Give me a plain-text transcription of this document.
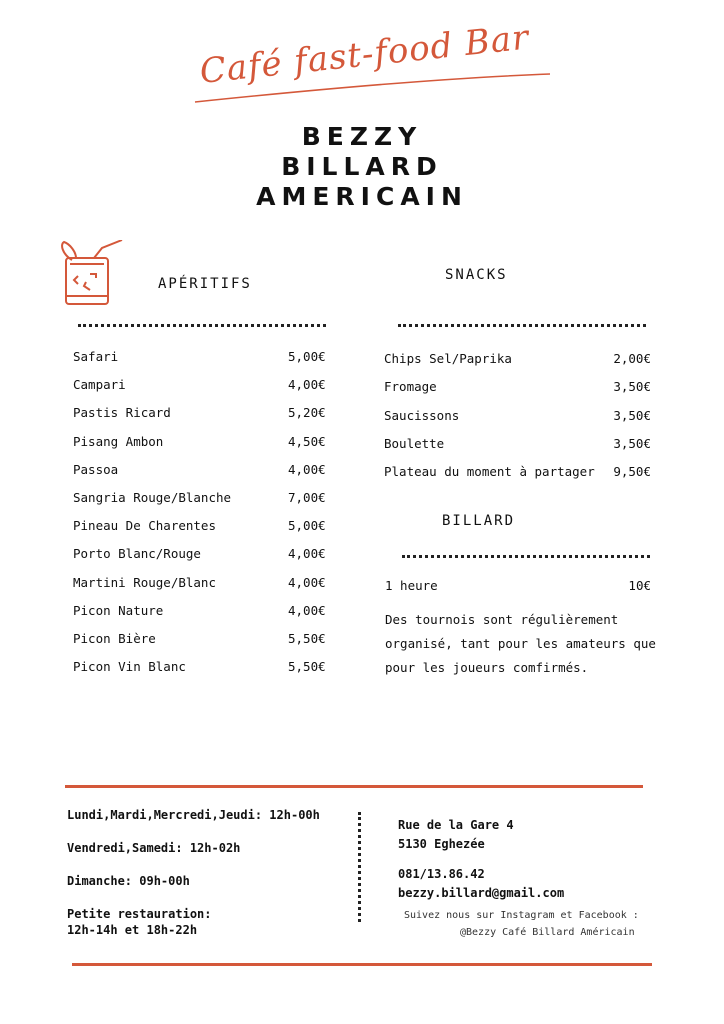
Café fast-food Bar
BEZZY
BILLARD
AMERICAIN
APÉRITIFS
Safari	5,00€
Campari	4,00€
Pastis Ricard	5,20€
Pisang Ambon	4,50€
Passoa	4,00€
Sangria Rouge/Blanche	7,00€
Pineau De Charentes	5,00€
Porto Blanc/Rouge	4,00€
Martini Rouge/Blanc	4,00€
Picon Nature	4,00€
Picon Bière	5,50€
Picon Vin Blanc	5,50€
SNACKS
Chips Sel/Paprika	2,00€
Fromage	3,50€
Saucissons	3,50€
Boulette	3,50€
Plateau du moment à partager	9,50€
BILLARD
1 heure	10€
Des tournois sont régulièrement organisé, tant pour les amateurs que pour les joueurs comfirmés.
Lundi,Mardi,Mercredi,Jeudi: 12h-00h
Vendredi,Samedi: 12h-02h
Dimanche: 09h-00h
Petite restauration:
12h-14h et 18h-22h
Rue de la Gare 4
5130 Eghezée
081/13.86.42
bezzy.billard@gmail.com
Suivez nous sur Instagram et Facebook :
@Bezzy Café Billard Américain
